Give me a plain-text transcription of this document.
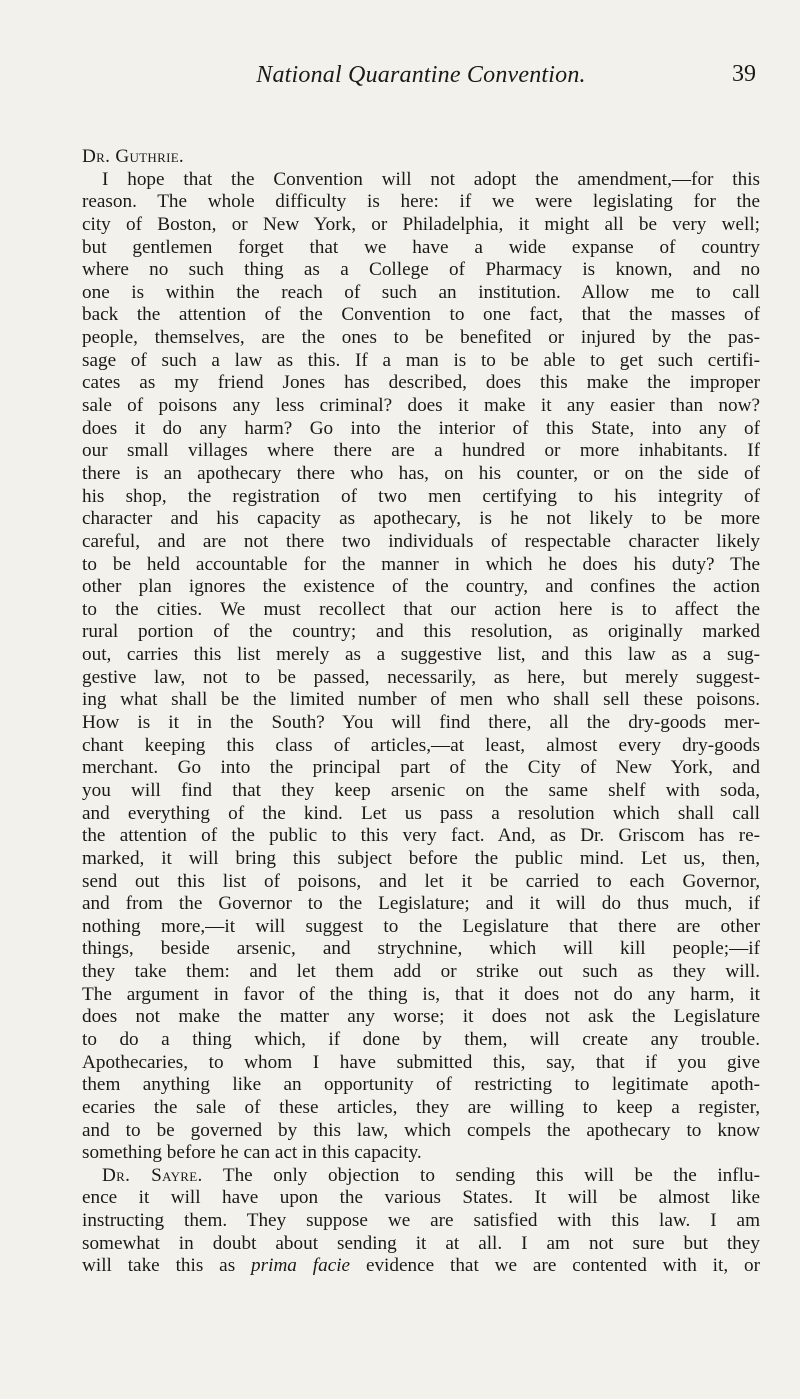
National Quarantine Convention.	39
Dr. Guthrie.
I hope that the Convention will not adopt the amendment,—for this
reason. The whole difficulty is here: if we were legislating for the
city of Boston, or New York, or Philadelphia, it might all be very well;
but gentlemen forget that we have a wide expanse of country
where no such thing as a College of Pharmacy is known, and no
one is within the reach of such an institution. Allow me to call
back the attention of the Convention to one fact, that the masses of
people, themselves, are the ones to be benefited or injured by the pas-
sage of such a law as this. If a man is to be able to get such certifi-
cates as my friend Jones has described, does this make the improper
sale of poisons any less criminal? does it make it any easier than now?
does it do any harm? Go into the interior of this State, into any of
our small villages where there are a hundred or more inhabitants. If
there is an apothecary there who has, on his counter, or on the side of
his shop, the registration of two men certifying to his integrity of
character and his capacity as apothecary, is he not likely to be more
careful, and are not there two individuals of respectable character likely
to be held accountable for the manner in which he does his duty? The
other plan ignores the existence of the country, and confines the action
to the cities. We must recollect that our action here is to affect the
rural portion of the country; and this resolution, as originally marked
out, carries this list merely as a suggestive list, and this law as a sug-
gestive law, not to be passed, necessarily, as here, but merely suggest-
ing what shall be the limited number of men who shall sell these poisons.
How is it in the South? You will find there, all the dry-goods mer-
chant keeping this class of articles,—at least, almost every dry-goods
merchant. Go into the principal part of the City of New York, and
you will find that they keep arsenic on the same shelf with soda,
and everything of the kind. Let us pass a resolution which shall call
the attention of the public to this very fact. And, as Dr. Griscom has re-
marked, it will bring this subject before the public mind. Let us, then,
send out this list of poisons, and let it be carried to each Governor,
and from the Governor to the Legislature; and it will do thus much, if
nothing more,—it will suggest to the Legislature that there are other
things, beside arsenic, and strychnine, which will kill people;—if
they take them: and let them add or strike out such as they will.
The argument in favor of the thing is, that it does not do any harm, it
does not make the matter any worse; it does not ask the Legislature
to do a thing which, if done by them, will create any trouble.
Apothecaries, to whom I have submitted this, say, that if you give
them anything like an opportunity of restricting to legitimate apoth-
ecaries the sale of these articles, they are willing to keep a register,
and to be governed by this law, which compels the apothecary to know
something before he can act in this capacity.
Dr. Sayre. The only objection to sending this will be the influ-
ence it will have upon the various States. It will be almost like
instructing them. They suppose we are satisfied with this law. I am
somewhat in doubt about sending it at all. I am not sure but they
will take this as prima facie evidence that we are contented with it, or
